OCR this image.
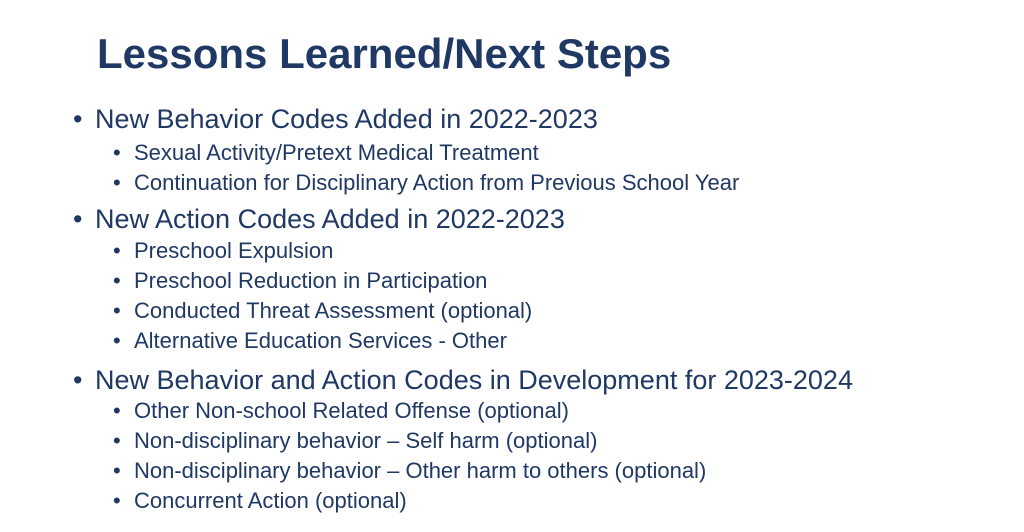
Lessons Learned/Next Steps
• New Behavior Codes Added in 2022-2023
• Sexual Activity/Pretext Medical Treatment
• Continuation for Disciplinary Action from Previous School Year
• New Action Codes Added in 2022-2023
• Preschool Expulsion
• Preschool Reduction in Participation
• Conducted Threat Assessment (optional)
• Alternative Education Services - Other
• New Behavior and Action Codes in Development for 2023-2024
• Other Non-school Related Offense (optional)
• Non-disciplinary behavior – Self harm (optional)
• Non-disciplinary behavior – Other harm to others (optional)
• Concurrent Action (optional)
